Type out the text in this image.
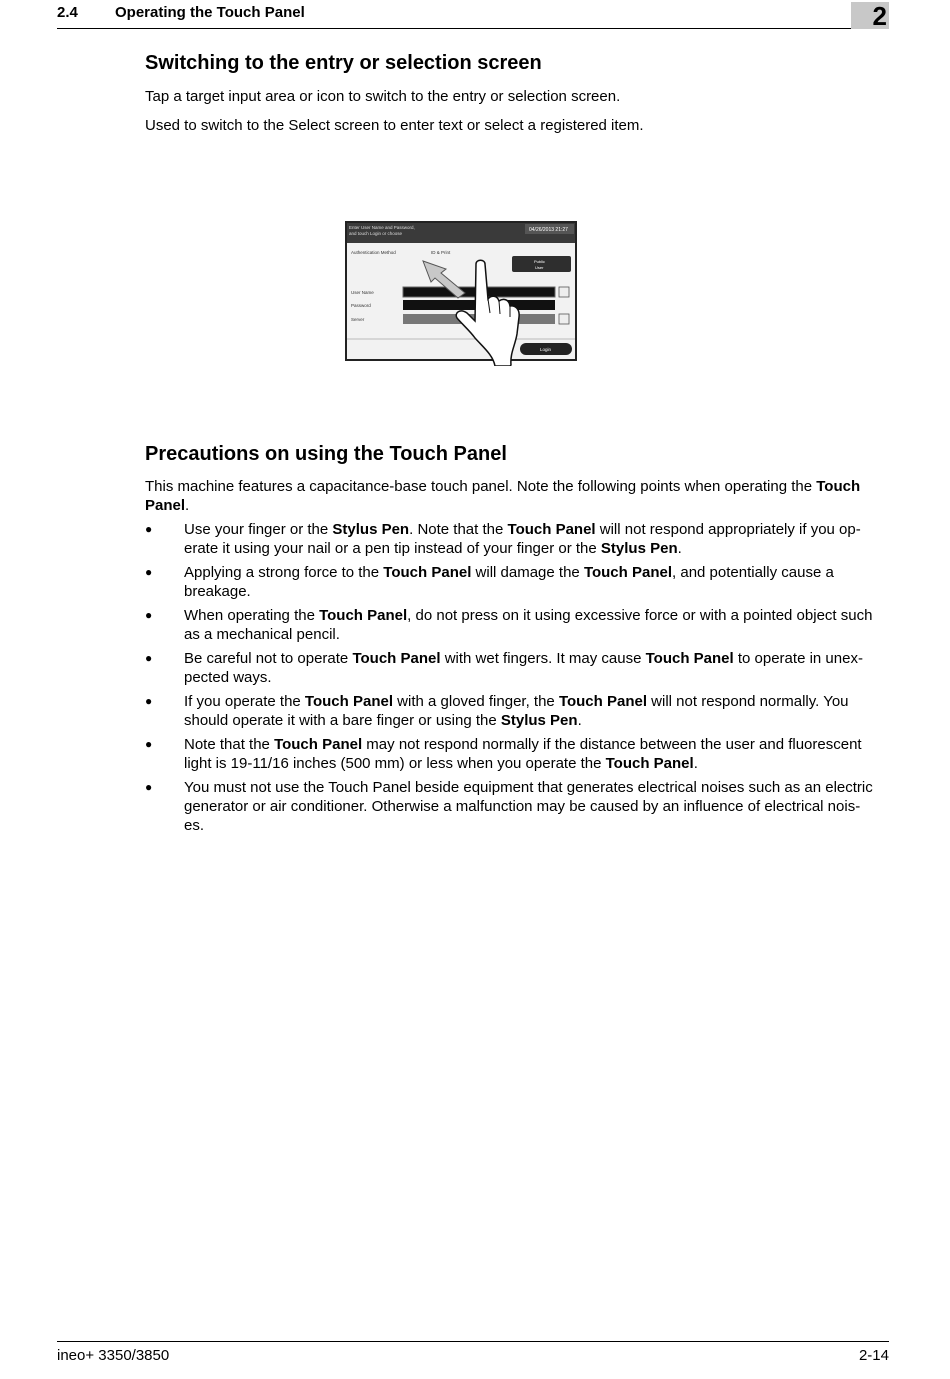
2.4 Operating the Touch Panel	2
Switching to the entry or selection screen

Tap a target input area or icon to switch to the entry or selection screen.

Used to switch to the Select screen to enter text or select a registered item.

Enter User Name and Password,
and touch Login or choose
04/26/2013 21:27
Authentication Method	ID & Print
Public
User
User Name
Password
Server
Login
Precautions on using the Touch Panel

This machine features a capacitance-base touch panel. Note the following points when operating the Touch
Panel.

● Use your finger or the Stylus Pen. Note that the Touch Panel will not respond appropriately if you op-
erate it using your nail or a pen tip instead of your finger or the Stylus Pen.
● Applying a strong force to the Touch Panel will damage the Touch Panel, and potentially cause a
breakage.
● When operating the Touch Panel, do not press on it using excessive force or with a pointed object such
as a mechanical pencil.
● Be careful not to operate Touch Panel with wet fingers. It may cause Touch Panel to operate in unex-
pected ways.
● If you operate the Touch Panel with a gloved finger, the Touch Panel will not respond normally. You
should operate it with a bare finger or using the Stylus Pen.
● Note that the Touch Panel may not respond normally if the distance between the user and fluorescent
light is 19-11/16 inches (500 mm) or less when you operate the Touch Panel.
● You must not use the Touch Panel beside equipment that generates electrical noises such as an electric
generator or air conditioner. Otherwise a malfunction may be caused by an influence of electrical nois-
es.
ineo+ 3350/3850	2-14
